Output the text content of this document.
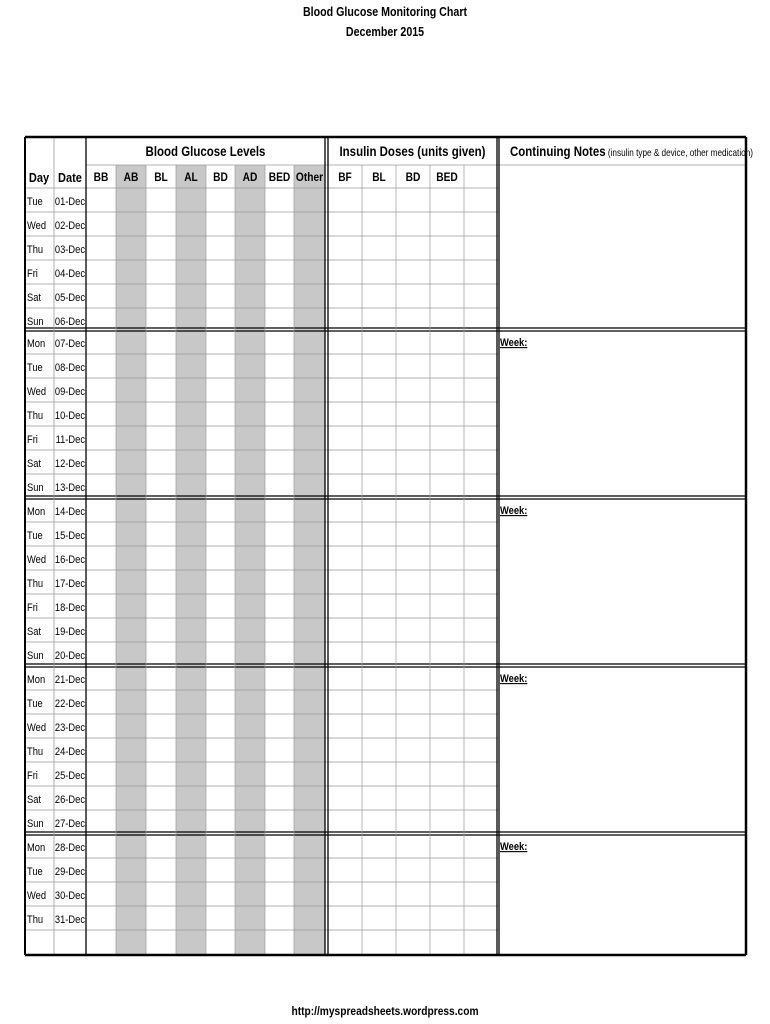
Blood Glucose Monitoring Chart
December 2015
Blood Glucose Levels	Insulin Doses (units given) Continuing Notes (insulin type & device, other medication)
Day Date BB AB BL AL BD AD BED Other BF BL BD BED
Tue 01-Dec
Wed 02-Dec
Thu 03-Dec
Fri 04-Dec
Sat 05-Dec
Sun 06-Dec
Mon 07-Dec
Tue 08-Dec
Wed 09-Dec
Thu 10-Dec
Fri 11-Dec
Sat 12-Dec
Sun 13-Dec
Week:
Mon 14-Dec
Tue 15-Dec
Wed 16-Dec
Thu 17-Dec
Fri 18-Dec
Sat 19-Dec
Sun 20-Dec
Week:
Mon 21-Dec
Tue 22-Dec
Wed 23-Dec
Thu 24-Dec
Fri 25-Dec
Sat 26-Dec
Sun 27-Dec
Week:
Mon 28-Dec
Tue 29-Dec
Wed 30-Dec
Thu 31-Dec
Week:
http://myspreadsheets.wordpress.com
